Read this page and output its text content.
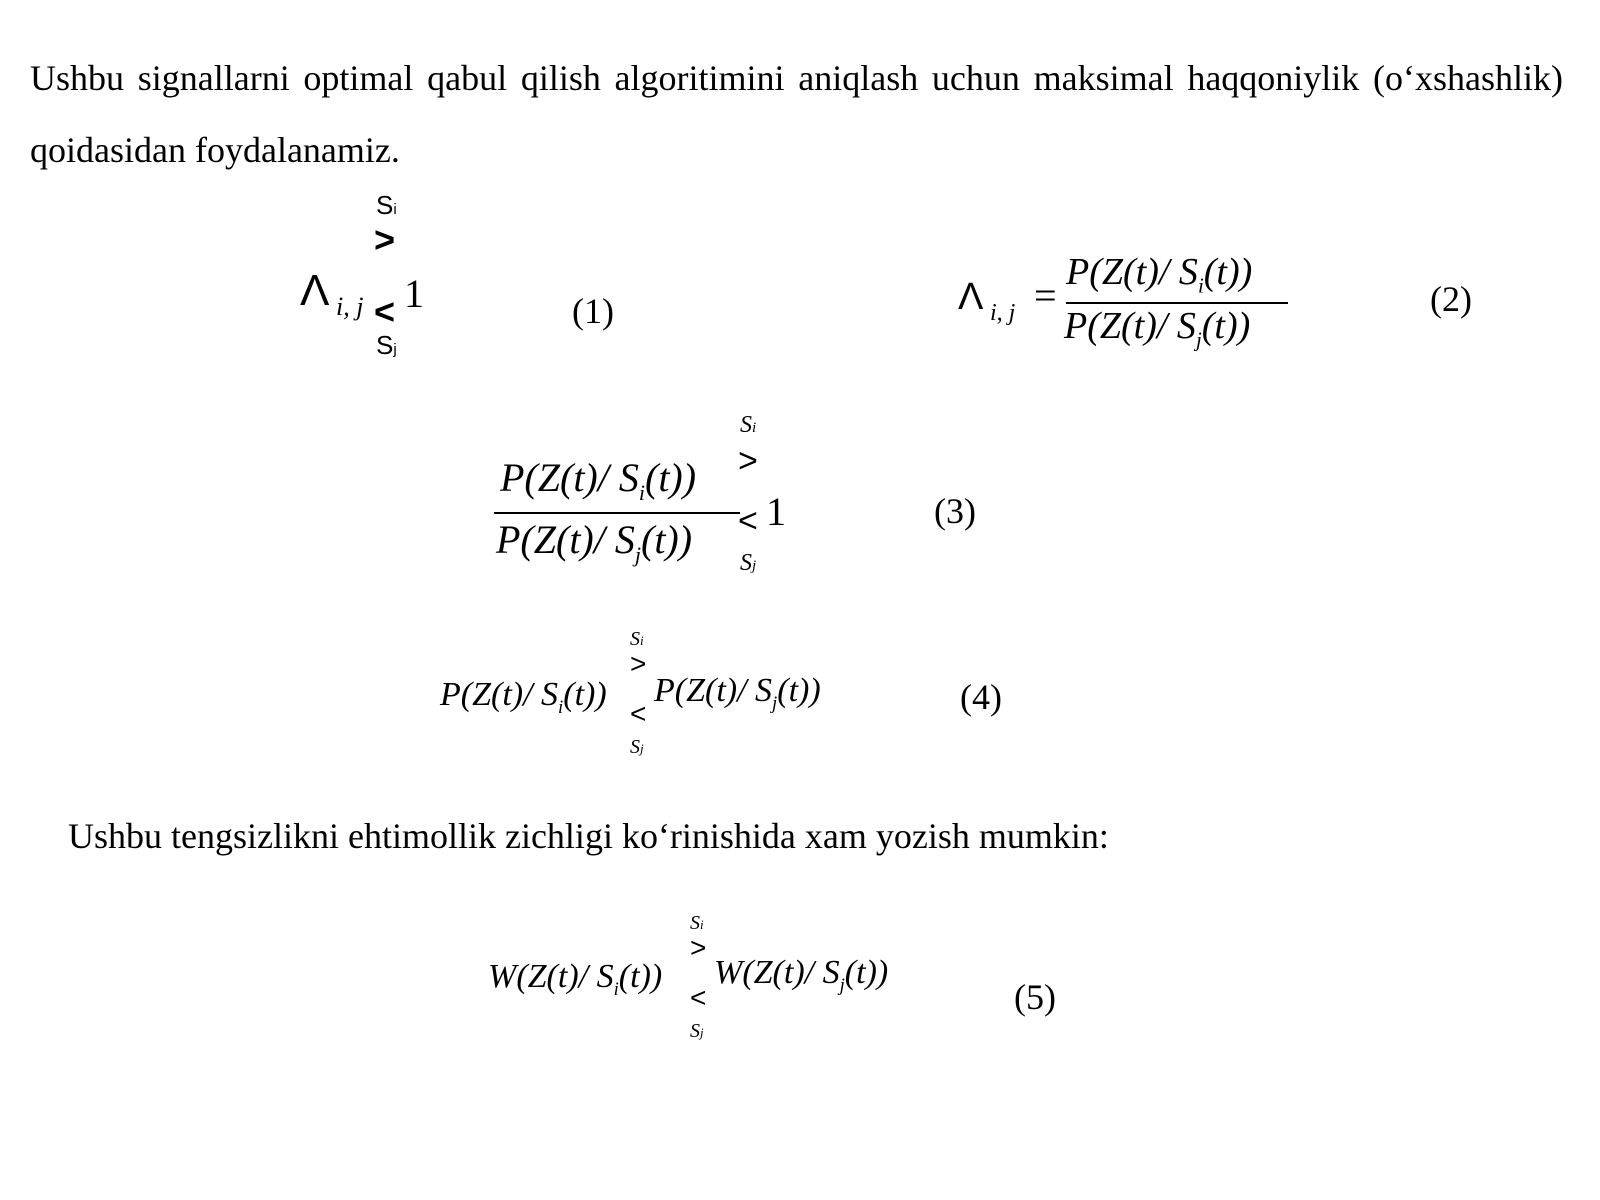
Ushbu signallarni optimal qabul qilish algoritimini aniqlash uchun maksimal haqqoniylik (o‘xshashlik) qoidasidan foydalanamiz.
Λ i, j
Si
>
<
Sj
1	(1)	Λ i, j =
P(Z(t)/ $S_i(t)$)
P(Z(t)/ $S_j(t)$)
(2)
P(Z(t)/ $S_i(t)$)
P(Z(t)/ $S_j(t)$)
Si
>
<
Sj
1	(3)
P(Z(t)/ $S_i(t)$)
Si
>
<
Sj
P(Z(t)/ $S_j(t)$)	(4)
Ushbu tengsizlikni ehtimollik zichligi ko‘rinishida xam yozish mumkin:
W(Z(t)/ $S_i(t)$)
Si
>
<
Sj
W(Z(t)/ $S_j(t)$)
(5)
